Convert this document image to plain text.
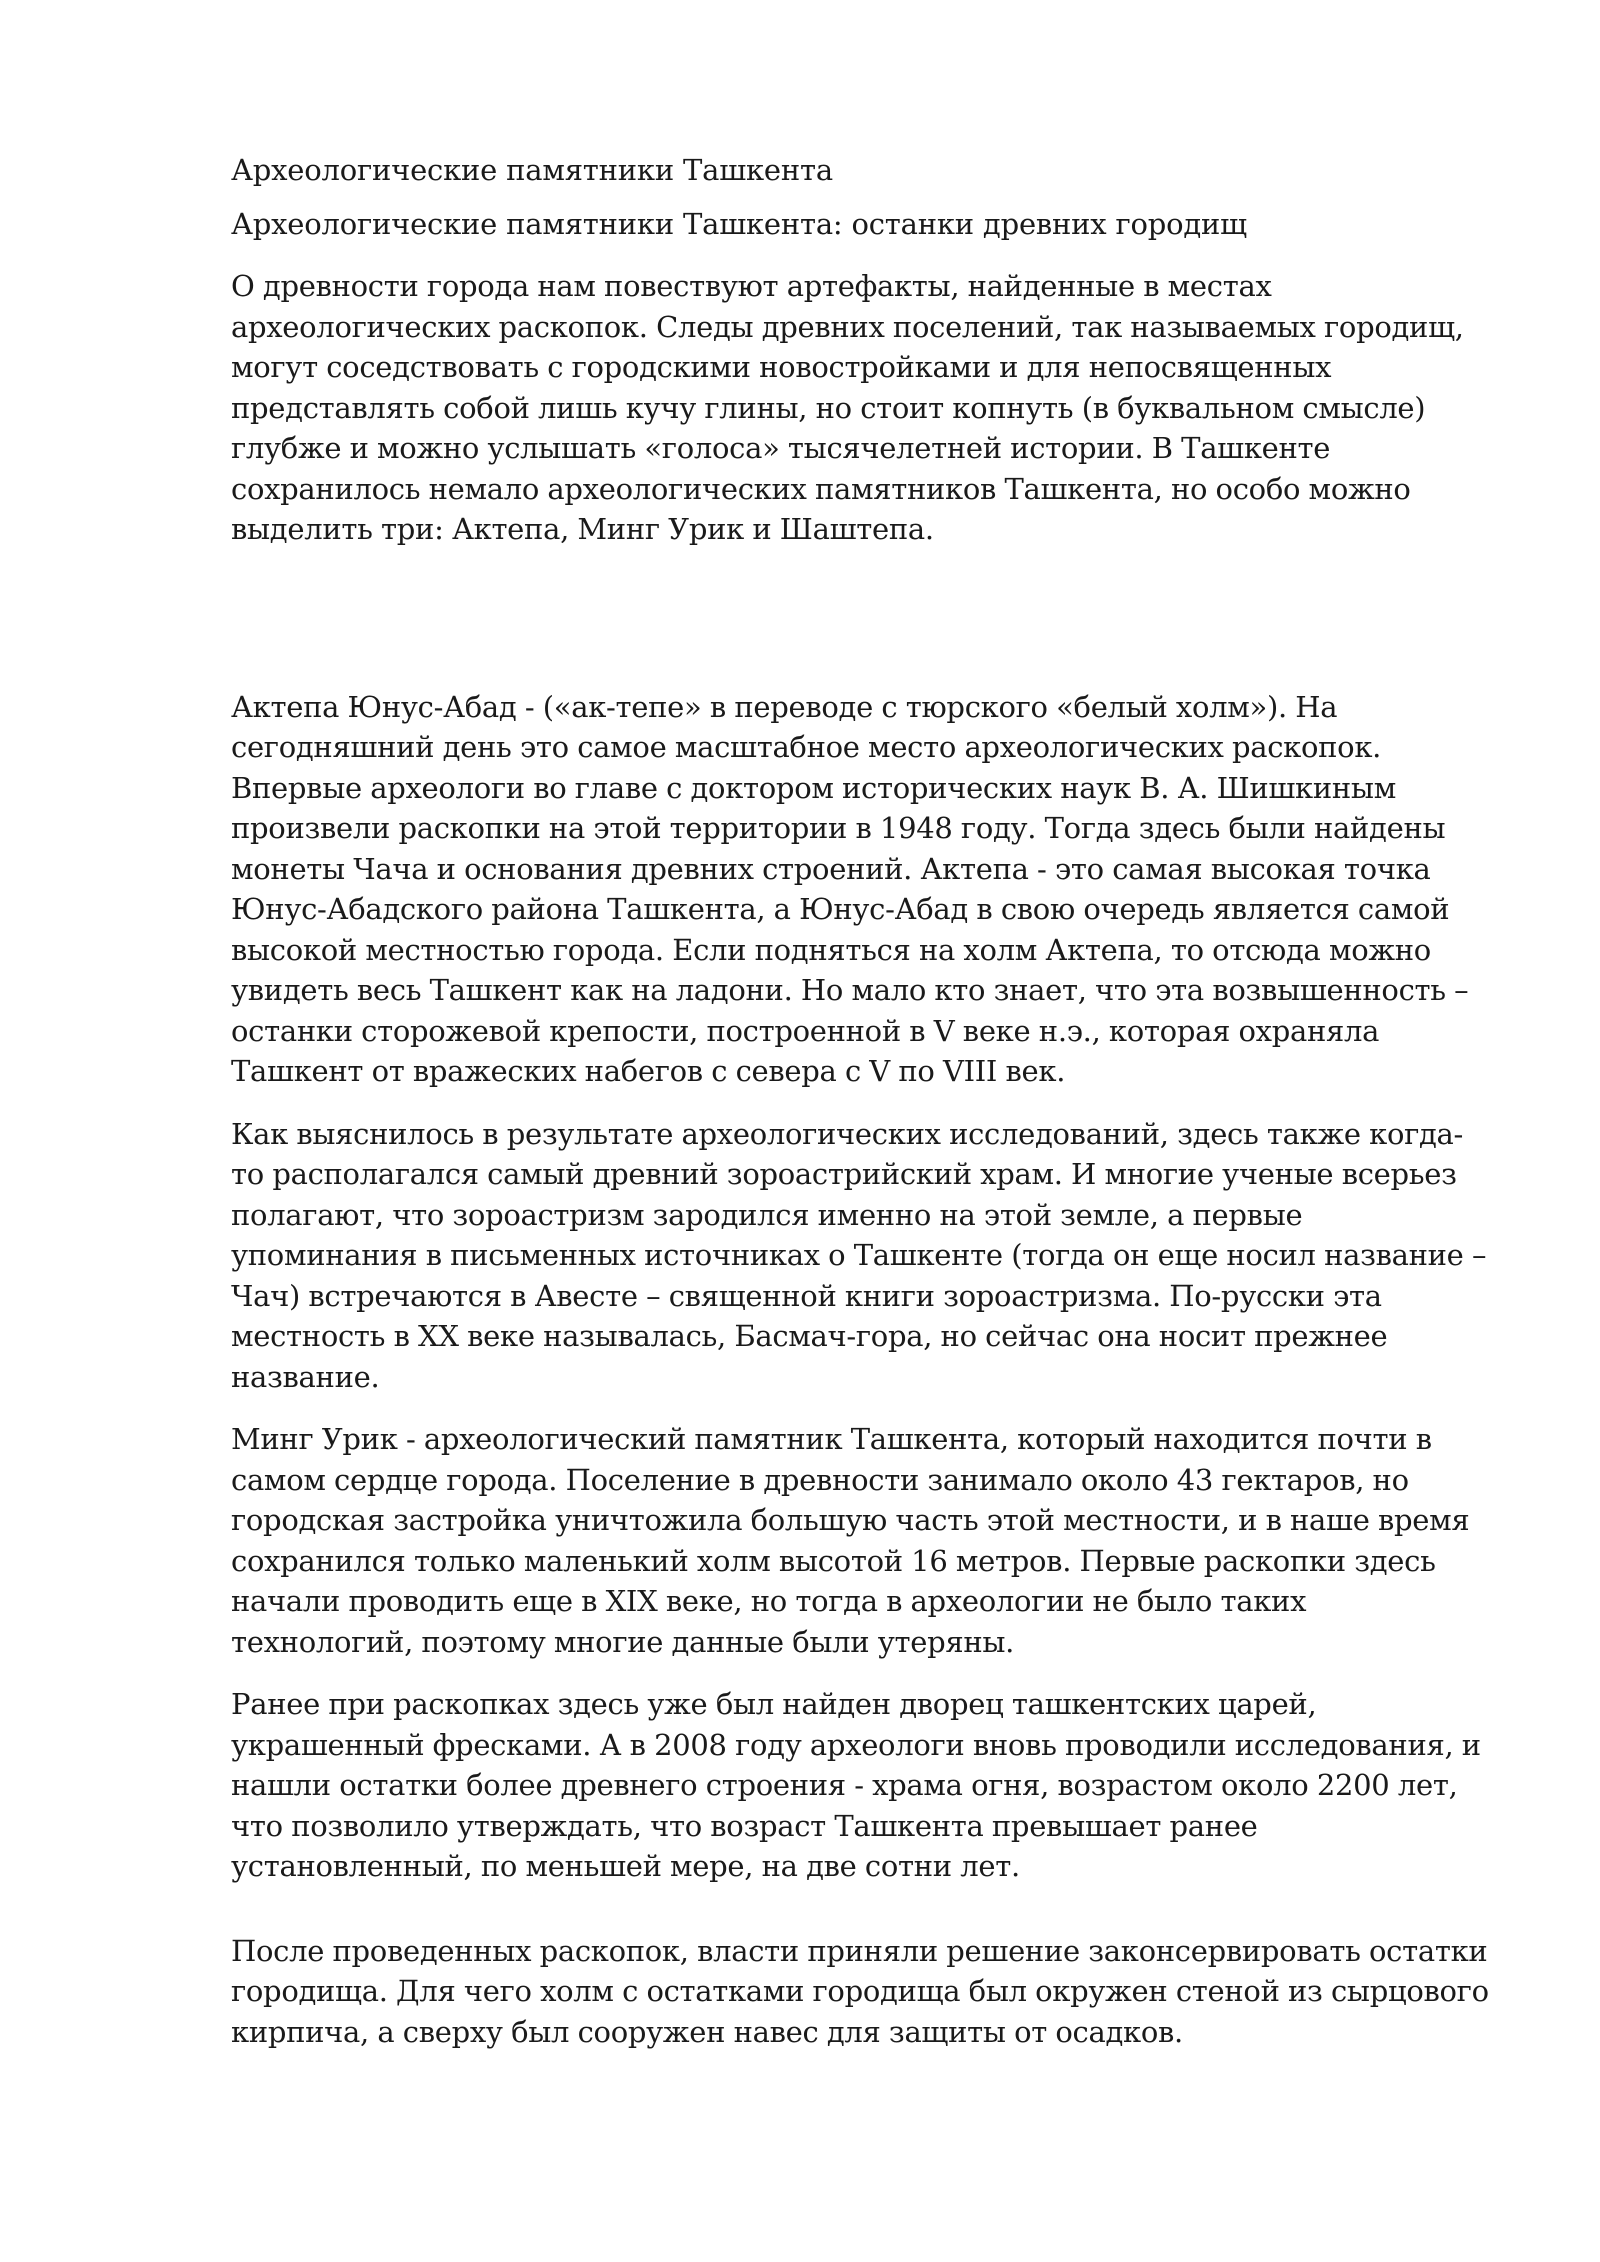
Археологические памятники Ташкента
Археологические памятники Ташкента: останки древних городищ

О древности города нам повествуют артефакты, найденные в местах археологических раскопок. Следы древних поселений, так называемых городищ, могут соседствовать с городскими новостройками и для непосвященных представлять собой лишь кучу глины, но стоит копнуть (в буквальном смысле) глубже и можно услышать «голоса» тысячелетней истории. В Ташкенте сохранилось немало археологических памятников Ташкента, но особо можно выделить три: Актепа, Минг Урик и Шаштепа.

Актепа Юнус-Абад - («ак-тепе» в переводе с тюрского «белый холм»). На сегодняшний день это самое масштабное место археологических раскопок. Впервые археологи во главе с доктором исторических наук В. А. Шишкиным произвели раскопки на этой территории в 1948 году. Тогда здесь были найдены монеты Чача и основания древних строений. Актепа - это самая высокая точка Юнус-Абадского района Ташкента, а Юнус-Абад в свою очередь является самой высокой местностью города. Если подняться на холм Актепа, то отсюда можно увидеть весь Ташкент как на ладони. Но мало кто знает, что эта возвышенность – останки сторожевой крепости, построенной в V веке н.э., которая охраняла Ташкент от вражеских набегов с севера с V по VIII век.

Как выяснилось в результате археологических исследований, здесь также когда-то располагался самый древний зороастрийский храм. И многие ученые всерьез полагают, что зороастризм зародился именно на этой земле, а первые упоминания в письменных источниках о Ташкенте (тогда он еще носил название – Чач) встречаются в Авесте – священной книги зороастризма. По-русски эта местность в XX веке называлась, Басмач-гора, но сейчас она носит прежнее название.

Минг Урик - археологический памятник Ташкента, который находится почти в самом сердце города. Поселение в древности занимало около 43 гектаров, но городская застройка уничтожила большую часть этой местности, и в наше время сохранился только маленький холм высотой 16 метров. Первые раскопки здесь начали проводить еще в XIX веке, но тогда в археологии не было таких технологий, поэтому многие данные были утеряны.

Ранее при раскопках здесь уже был найден дворец ташкентских царей, украшенный фресками. А в 2008 году археологи вновь проводили исследования, и нашли остатки более древнего строения - храма огня, возрастом около 2200 лет, что позволило утверждать, что возраст Ташкента превышает ранее установленный, по меньшей мере, на две сотни лет.

После проведенных раскопок, власти приняли решение законсервировать остатки городища. Для чего холм с остатками городища был окружен стеной из сырцового кирпича, а сверху был сооружен навес для защиты от осадков.
